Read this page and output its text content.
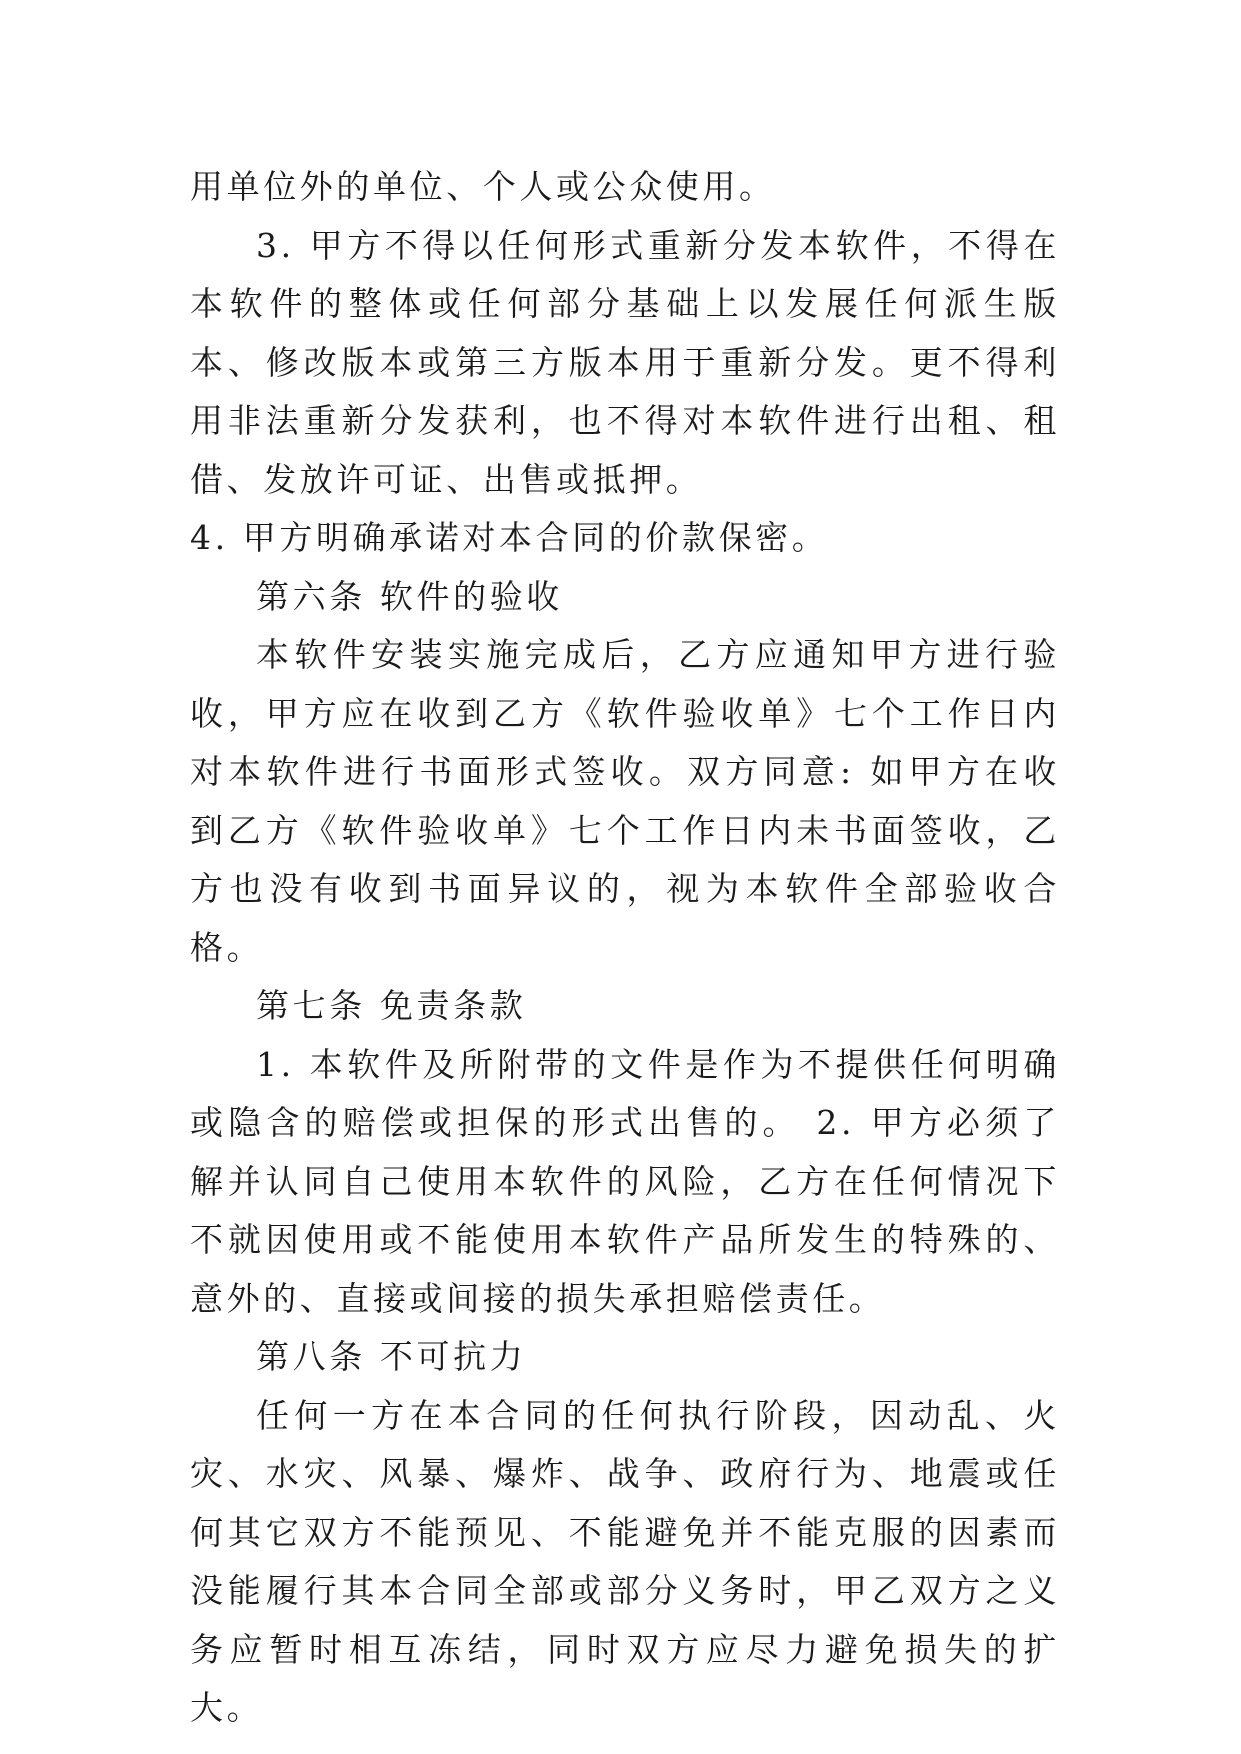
用单位外的单位、个人或公众使用。

3. 甲方不得以任何形式重新分发本软件，不得在本软件的整体或任何部分基础上以发展任何派生版本、修改版本或第三方版本用于重新分发。更不得利用非法重新分发获利，也不得对本软件进行出租、租借、发放许可证、出售或抵押。

4. 甲方明确承诺对本合同的价款保密。

第六条 软件的验收

本软件安装实施完成后，乙方应通知甲方进行验收，甲方应在收到乙方《软件验收单》七个工作日内对本软件进行书面形式签收。双方同意: 如甲方在收到乙方《软件验收单》七个工作日内未书面签收，乙方也没有收到书面异议的，视为本软件全部验收合格。

第七条 免责条款

1. 本软件及所附带的文件是作为不提供任何明确或隐含的赔偿或担保的形式出售的。 2. 甲方必须了解并认同自己使用本软件的风险，乙方在任何情况下不就因使用或不能使用本软件产品所发生的特殊的、意外的、直接或间接的损失承担赔偿责任。

第八条 不可抗力

任何一方在本合同的任何执行阶段，因动乱、火灾、水灾、风暴、爆炸、战争、政府行为、地震或任何其它双方不能预见、不能避免并不能克服的因素而没能履行其本合同全部或部分义务时，甲乙双方之义务应暂时相互冻结，同时双方应尽力避免损失的扩大。
